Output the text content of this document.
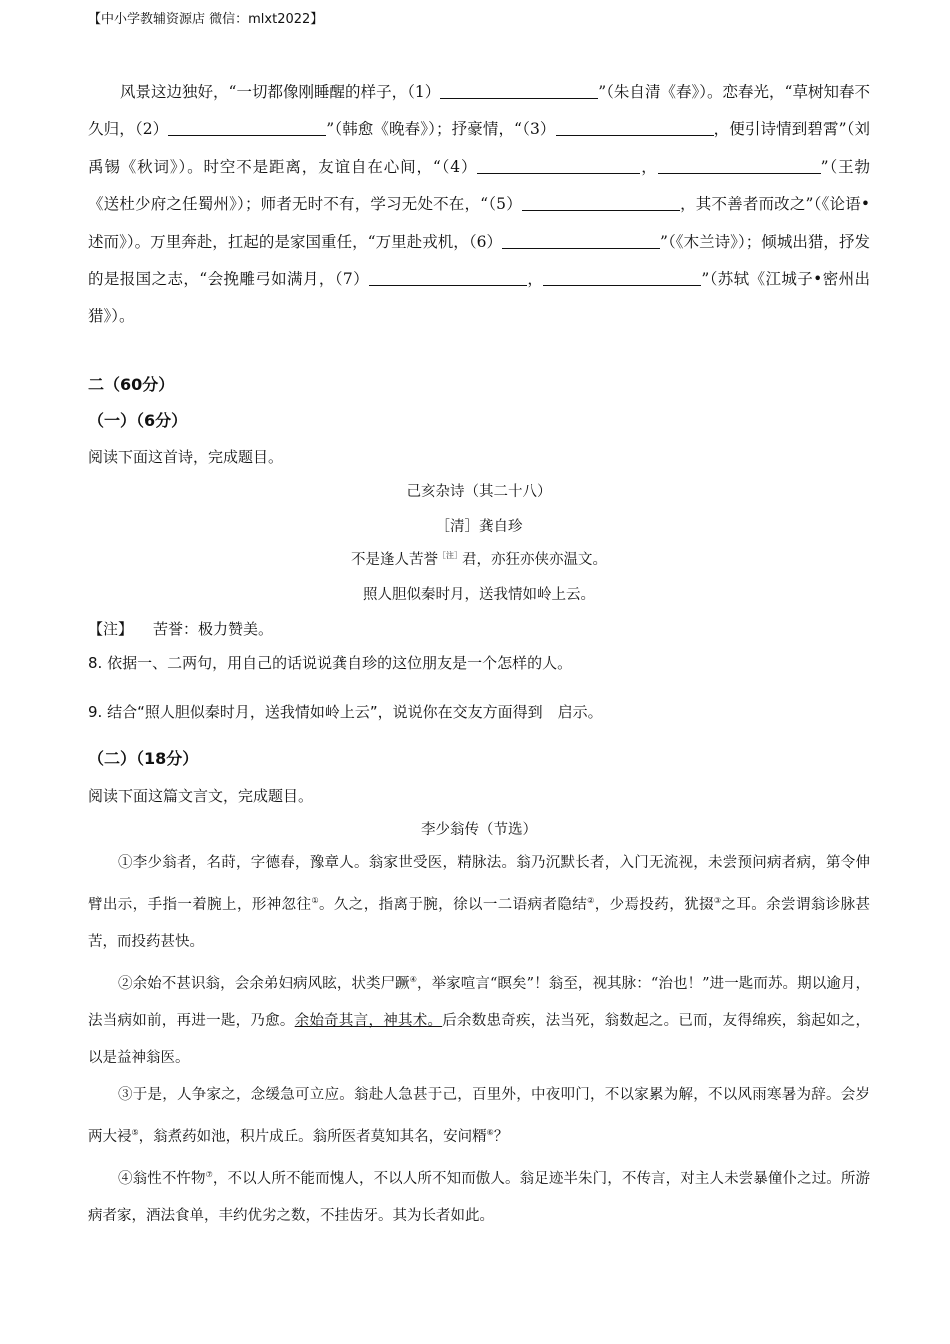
【中小学教辅资源店 微信：mlxt2022】

风景这边独好，“一切都像刚睡醒的样子，（1）	”（朱自清《春》）。恋春光，“草树知春不久归，（2）	”（韩愈《晚春》）；抒豪情，“（3）	，便引诗情到碧霄”（刘禹锡《秋词》）。时空不是距离，友谊自在心间，“（4）	，	”（王勃《送杜少府之任蜀州》）；师者无时不有，学习无处不在，“（5）	，其不善者而改之”（《论语•述而》）。万里奔赴，扛起的是家国重任，“万里赴戎机，（6）	”（《木兰诗》）；倾城出猎，抒发的是报国之志，“会挽雕弓如满月，（7）	，	”（苏轼《江城子•密州出猎》）。

二（60分）
（一）（6分）
阅读下面这首诗，完成题目。
己亥杂诗（其二十八）
［清］龚自珍
不是逢人苦誉$^{[注]}$君，亦狂亦侠亦温文。
照人胆似秦时月，送我情如岭上云。
【注】 苦誉：极力赞美。
8. 依据一、二两句，用自己的话说说龚自珍的这位朋友是一个怎样的人。
9. 结合“照人胆似秦时月，送我情如岭上云”，说说你在交友方面得到　启示。
（二）（18分）
阅读下面这篇文言文，完成题目。
李少翁传（节选）

①李少翁者，名莳，字德春，豫章人。翁家世受医，精脉法。翁乃沉默长者，入门无流视，未尝预问病者病，第令伸臂出示，手指一着腕上，形神忽往①。久之，指离于腕，徐以一二语病者隐结②，少焉投药，犹掇③之耳。余尝谓翁诊脉甚苦，而投药甚快。

②余始不甚识翁，会余弟妇病风眩，状类尸蹶④，举家喧言“瞑矣”！翁至，视其脉：“治也！”进一匙而苏。期以逾月，法当病如前，再进一匙，乃愈。余始奇其言，神其术。后余数患奇疾，法当死，翁数起之。已而，友得绵疾，翁起如之，以是益神翁医。

③于是，人争家之，念缓急可立应。翁赴人急甚于己，百里外，中夜叩门，不以家累为解，不以风雨寒暑为辞。会岁两大祲⑤，翁煮药如池，积片成丘。翁所医者莫知其名，安问糈⑥？

④翁性不忤物⑦，不以人所不能而愧人，不以人所不知而傲人。翁足迹半朱门，不传言，对主人未尝暴僮仆之过。所游病者家，酒法食单，丰约优劣之数，不挂齿牙。其为长者如此。
